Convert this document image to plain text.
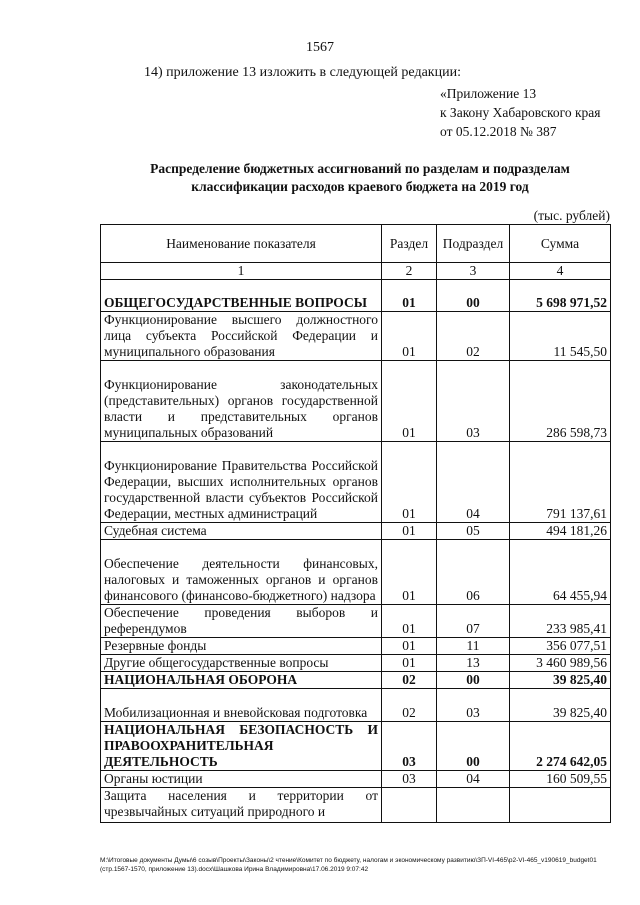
1567
14) приложение 13 изложить в следующей редакции:
«Приложение 13
к Закону Хабаровского края
от 05.12.2018 № 387
Распределение бюджетных ассигнований по разделам и подразделам
классификации расходов краевого бюджета на 2019 год
(тыс. рублей)
Наименование показателя	Раздел	Подраздел	Сумма
1	2	3	4
ОБЩЕГОСУДАРСТВЕННЫЕ ВОПРОСЫ	01	00	5 698 971,52
Функционирование высшего должностного лица субъекта Российской Федерации и муниципального образования	01	02	11 545,50
Функционирование законодательных (представительных) органов государственной власти и представительных органов муниципальных образований	01	03	286 598,73
Функционирование Правительства Российской Федерации, высших исполнительных органов государственной власти субъектов Российской Федерации, местных администраций	01	04	791 137,61
Судебная система	01	05	494 181,26
Обеспечение деятельности финансовых, налоговых и таможенных органов и органов финансового (финансово-бюджетного) надзора	01	06	64 455,94
Обеспечение проведения выборов и референдумов	01	07	233 985,41
Резервные фонды	01	11	356 077,51
Другие общегосударственные вопросы	01	13	3 460 989,56
НАЦИОНАЛЬНАЯ ОБОРОНА	02	00	39 825,40
Мобилизационная и вневойсковая подготовка	02	03	39 825,40
НАЦИОНАЛЬНАЯ БЕЗОПАСНОСТЬ И ПРАВООХРАНИТЕЛЬНАЯ ДЕЯТЕЛЬНОСТЬ	03	00	2 274 642,05
Органы юстиции	03	04	160 509,55
Защита населения и территории от чрезвычайных ситуаций природного и			
M:\Итоговые документы Думы\6 созыв\Проекты\Законы\2 чтение\Комитет по бюджету, налогам и экономическому развитию\ЗП-VI-465\р2-VI-465_v190619_budget01 (стр.1567-1570, приложение 13).docx\Шашкова Ирина Владимировна\17.06.2019 9:07:42
